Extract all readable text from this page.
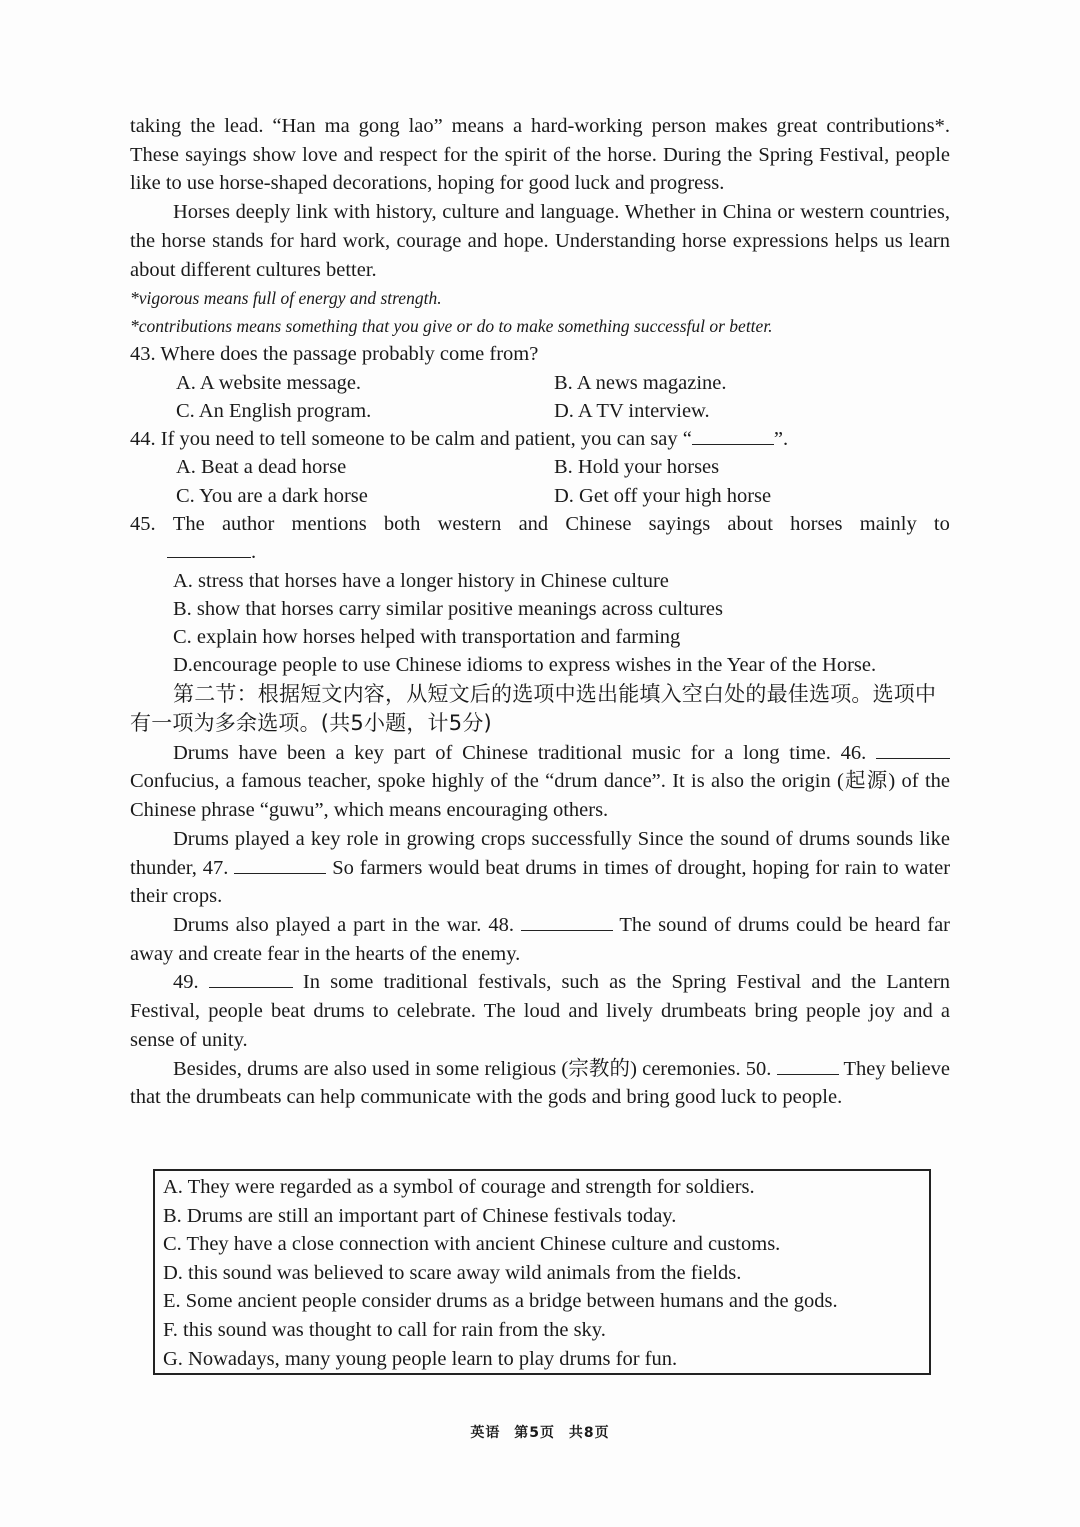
taking the lead. “Han ma gong lao” means a hard-working person makes great contributions*. These sayings show love and respect for the spirit of the horse. During the Spring Festival, people like to use horse-shaped decorations, hoping for good luck and progress.

Horses deeply link with history, culture and language. Whether in China or western countries, the horse stands for hard work, courage and hope. Understanding horse expressions helps us learn about different cultures better.

*vigorous means full of energy and strength.

*contributions means something that you give or do to make something successful or better.

43. Where does the passage probably come from?

A. A website message.	B. A news magazine.
C. An English program.	D. A TV interview.

44. If you need to tell someone to be calm and patient, you can say “	”.

A. Beat a dead horse	B. Hold your horses
C. You are a dark horse	D. Get off your high horse
45. The author mentions both western and Chinese sayings about horses mainly to

.

A. stress that horses have a longer history in Chinese culture

B. show that horses carry similar positive meanings across cultures

C. explain how horses helped with transportation and farming

D.encourage people to use Chinese idioms to express wishes in the Year of the Horse.

第二节：根据短文内容，从短文后的选项中选出能填入空白处的最佳选项。选项中有一项为多余选项。(共5小题，计5分)

Drums have been a key part of Chinese traditional music for a long time. 46.  Confucius, a famous teacher, spoke highly of the “drum dance”. It is also the origin (起源) of the Chinese phrase “guwu”, which means encouraging others.

Drums played a key role in growing crops successfully Since the sound of drums sounds like thunder, 47.	So farmers would beat drums in times of drought, hoping for rain to water their crops.

Drums also played a part in the war. 48.	The sound of drums could be heard far away and create fear in the hearts of the enemy.

49.	In some traditional festivals, such as the Spring Festival and the Lantern Festival, people beat drums to celebrate. The loud and lively drumbeats bring people joy and a sense of unity.

Besides, drums are also used in some religious (宗教的) ceremonies. 50.	They believe that the drumbeats can help communicate with the gods and bring good luck to people.

A. They were regarded as a symbol of courage and strength for soldiers.

B. Drums are still an important part of Chinese festivals today.

C. They have a close connection with ancient Chinese culture and customs.

D. this sound was believed to scare away wild animals from the fields.

E. Some ancient people consider drums as a bridge between humans and the gods.

F. this sound was thought to call for rain from the sky.

G. Nowadays, many young people learn to play drums for fun.

英语 第5页 共8页
